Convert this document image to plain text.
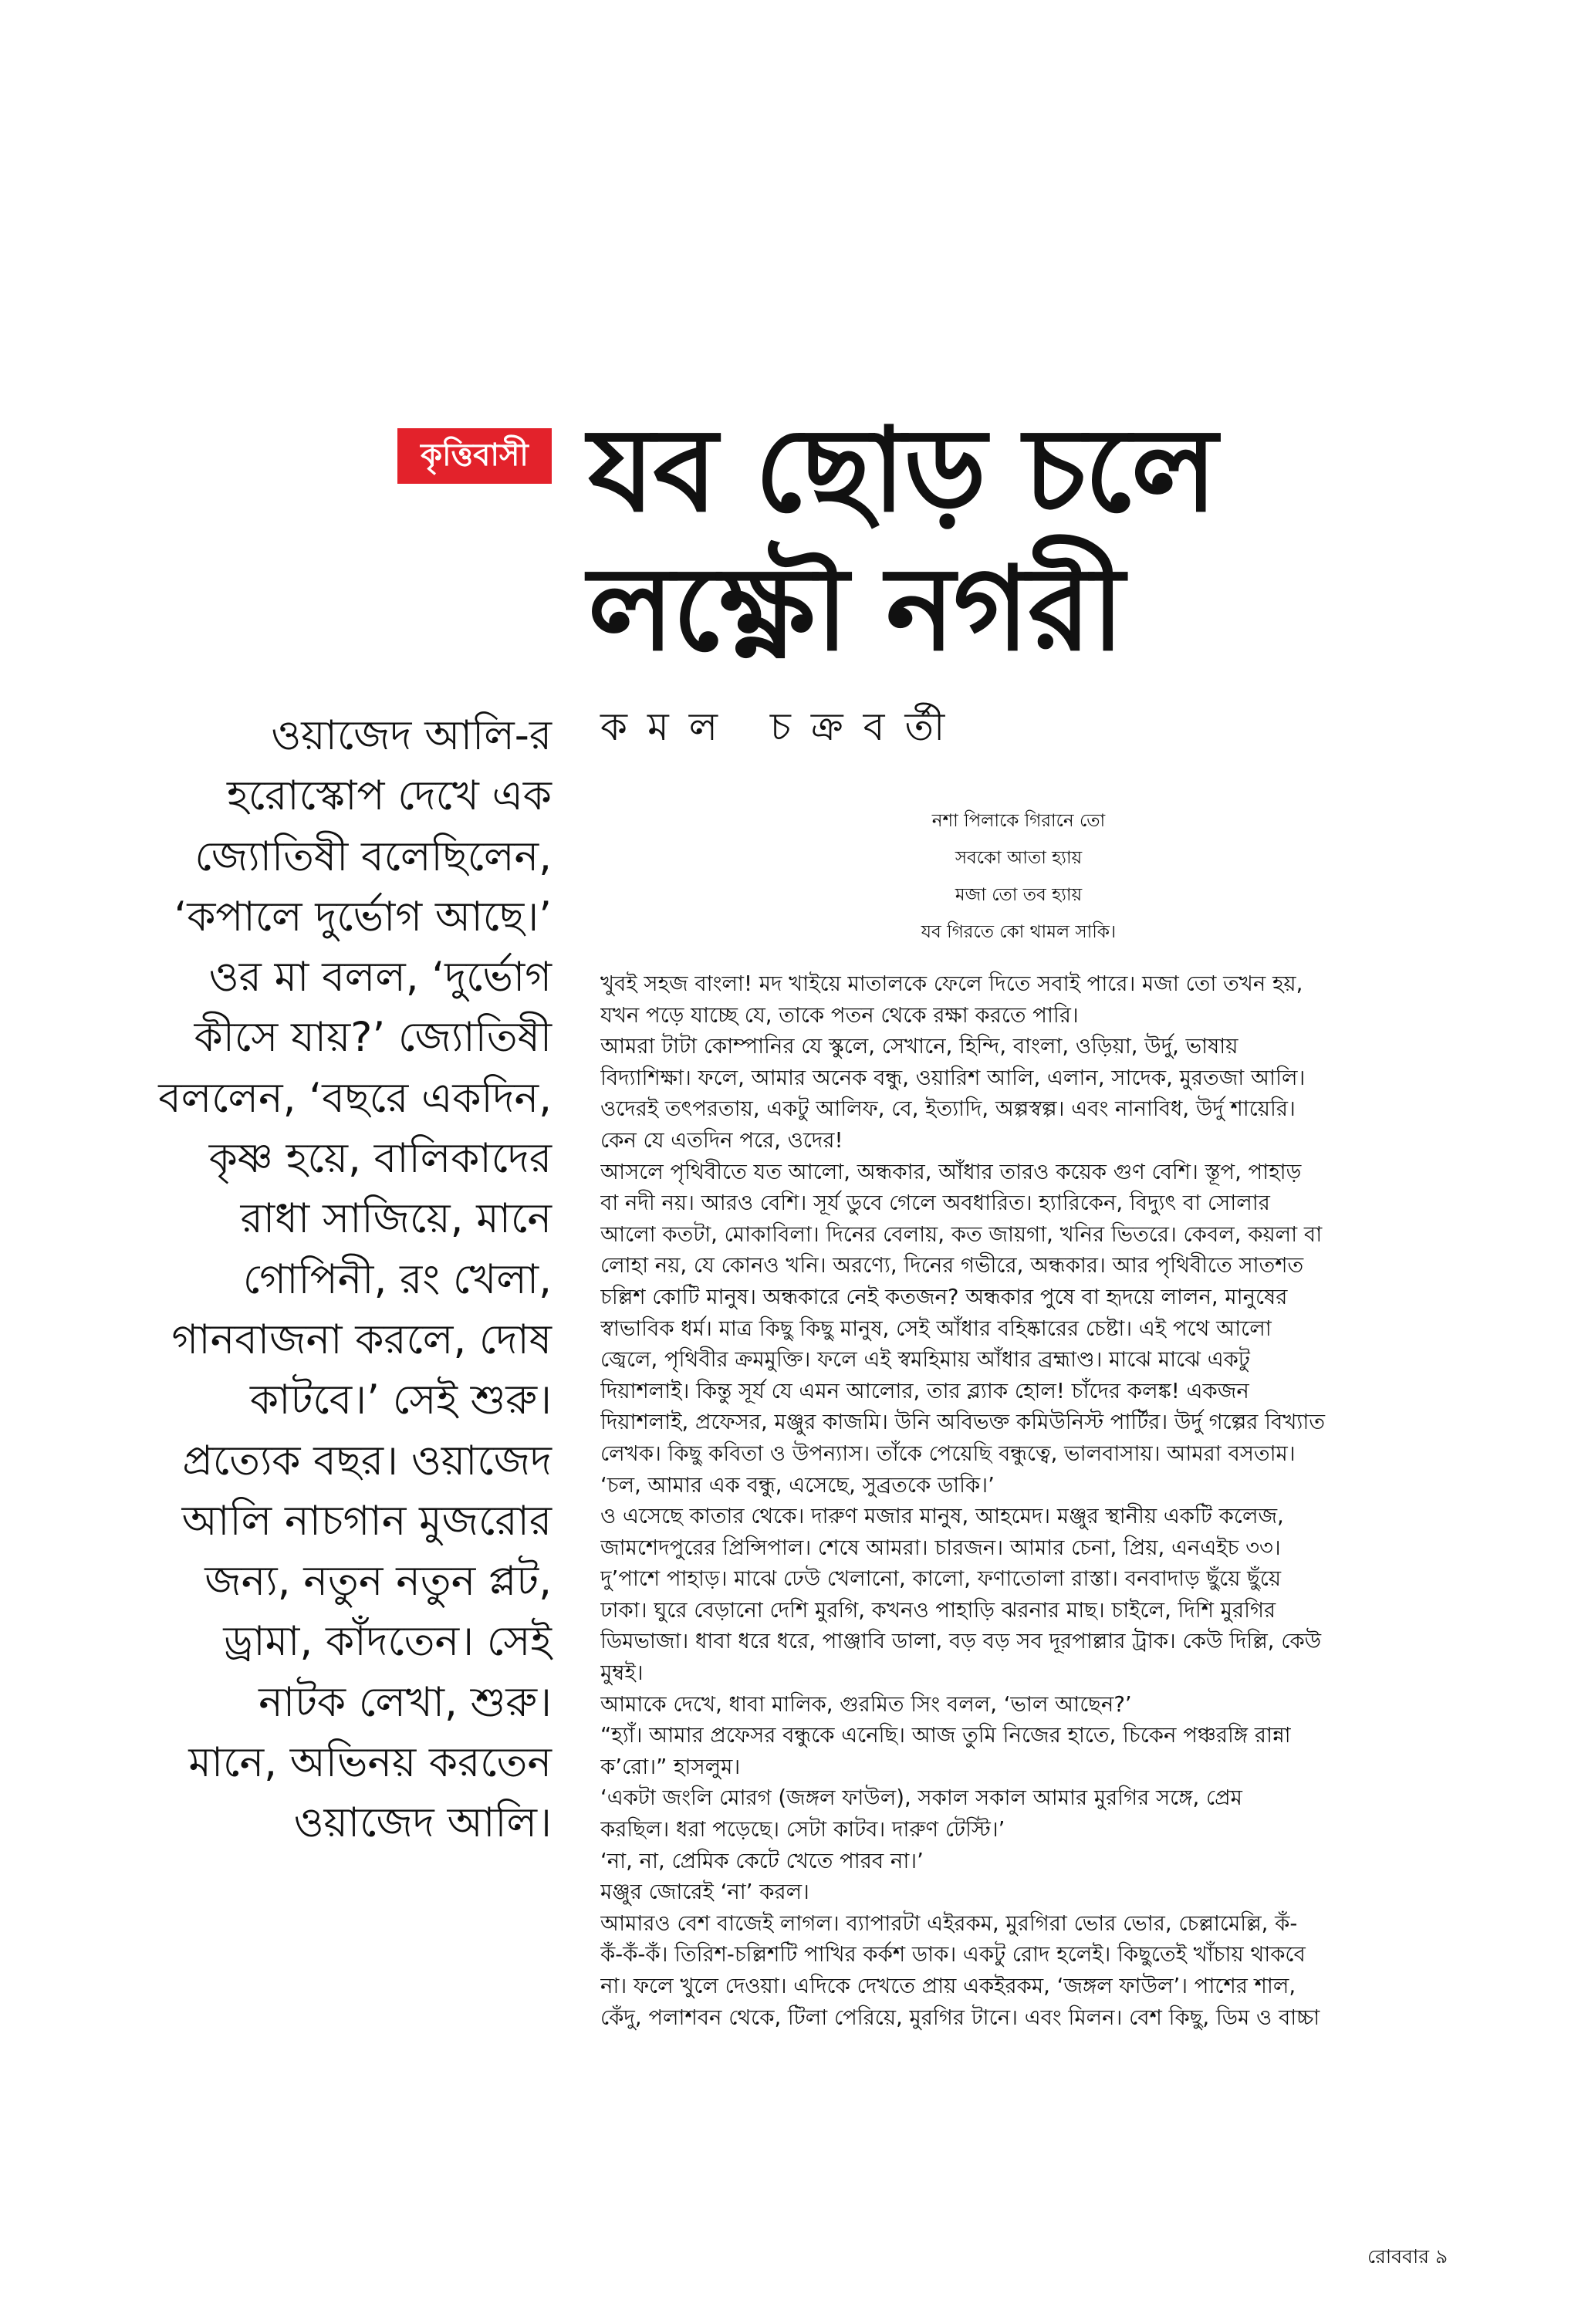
কৃত্তিবাসী যব ছোড় চলে
লক্ষ্ণৌ নগরী
কমল চক্রবর্তী
ওয়াজেদ আলি-র
হরোস্কোপ দেখে এক
জ্যোতিষী বলেছিলেন,
‘কপালে দুর্ভোগ আছে।’
ওর মা বলল, ‘দুর্ভোগ
কীসে যায়?’ জ্যোতিষী
বললেন, ‘বছরে একদিন,
কৃষ্ণ হয়ে, বালিকাদের
রাধা সাজিয়ে, মানে
গোপিনী, রং খেলা,
গানবাজনা করলে, দোষ
কাটবে।’ সেই শুরু।
প্রত্যেক বছর। ওয়াজেদ
আলি নাচগান মুজরোর
জন্য, নতুন নতুন প্লট,
ড্রামা, কাঁদতেন। সেই
নাটক লেখা, শুরু।
মানে, অভিনয় করতেন
ওয়াজেদ আলি।
নশা পিলাকে গিরানে তো
সবকো আতা হ্যায়
মজা তো তব হ্যায়
যব গিরতে কো থামল সাকি।
খুবই সহজ বাংলা! মদ খাইয়ে মাতালকে ফেলে দিতে সবাই পারে। মজা তো তখন হয়,
যখন পড়ে যাচ্ছে যে, তাকে পতন থেকে রক্ষা করতে পারি।
আমরা টাটা কোম্পানির যে স্কুলে, সেখানে, হিন্দি, বাংলা, ওড়িয়া, উর্দু, ভাষায়
বিদ্যাশিক্ষা। ফলে, আমার অনেক বন্ধু, ওয়ারিশ আলি, এলান, সাদেক, মুরতজা আলি।
ওদেরই তৎপরতায়, একটু আলিফ, বে, ইত্যাদি, অল্পস্বল্প। এবং নানাবিধ, উর্দু শায়েরি।
কেন যে এতদিন পরে, ওদের!
আসলে পৃথিবীতে যত আলো, অন্ধকার, আঁধার তারও কয়েক গুণ বেশি। স্তূপ, পাহাড়
বা নদী নয়। আরও বেশি। সূর্য ডুবে গেলে অবধারিত। হ্যারিকেন, বিদ্যুৎ বা সোলার
আলো কতটা, মোকাবিলা। দিনের বেলায়, কত জায়গা, খনির ভিতরে। কেবল, কয়লা বা
লোহা নয়, যে কোনও খনি। অরণ্যে, দিনের গভীরে, অন্ধকার। আর পৃথিবীতে সাতশত
চল্লিশ কোটি মানুষ। অন্ধকারে নেই কতজন? অন্ধকার পুষে বা হৃদয়ে লালন, মানুষের
স্বাভাবিক ধর্ম। মাত্র কিছু কিছু মানুষ, সেই আঁধার বহিষ্কারের চেষ্টা। এই পথে আলো
জ্বেলে, পৃথিবীর ক্রমমুক্তি। ফলে এই স্বমহিমায় আঁধার ব্রহ্মাণ্ড। মাঝে মাঝে একটু
দিয়াশলাই। কিন্তু সূর্য যে এমন আলোর, তার ব্ল্যাক হোল! চাঁদের কলঙ্ক! একজন
দিয়াশলাই, প্রফেসর, মঞ্জুর কাজমি। উনি অবিভক্ত কমিউনিস্ট পার্টির। উর্দু গল্পের বিখ্যাত
লেখক। কিছু কবিতা ও উপন্যাস। তাঁকে পেয়েছি বন্ধুত্বে, ভালবাসায়। আমরা বসতাম।
‘চল, আমার এক বন্ধু, এসেছে, সুব্রতকে ডাকি।’
ও এসেছে কাতার থেকে। দারুণ মজার মানুষ, আহমেদ। মঞ্জুর স্থানীয় একটি কলেজ,
জামশেদপুরের প্রিন্সিপাল। শেষে আমরা। চারজন। আমার চেনা, প্রিয়, এনএইচ ৩৩।
দু’পাশে পাহাড়। মাঝে ঢেউ খেলানো, কালো, ফণাতোলা রাস্তা। বনবাদাড় ছুঁয়ে ছুঁয়ে
ঢাকা। ঘুরে বেড়ানো দেশি মুরগি, কখনও পাহাড়ি ঝরনার মাছ। চাইলে, দিশি মুরগির
ডিমভাজা। ধাবা ধরে ধরে, পাঞ্জাবি ডালা, বড় বড় সব দূরপাল্লার ট্রাক। কেউ দিল্লি, কেউ
মুম্বই।
আমাকে দেখে, ধাবা মালিক, গুরমিত সিং বলল, ‘ভাল আছেন?’
“হ্যাঁ। আমার প্রফেসর বন্ধুকে এনেছি। আজ তুমি নিজের হাতে, চিকেন পঞ্চরঙ্গি রান্না
ক’রো।” হাসলুম।
‘একটা জংলি মোরগ (জঙ্গল ফাউল), সকাল সকাল আমার মুরগির সঙ্গে, প্রেম
করছিল। ধরা পড়েছে। সেটা কাটব। দারুণ টেস্টি।’
‘না, না, প্রেমিক কেটে খেতে পারব না।’
মঞ্জুর জোরেই ‘না’ করল।
আমারও বেশ বাজেই লাগল। ব্যাপারটা এইরকম, মুরগিরা ভোর ভোর, চেল্লামেল্লি, কঁ-
কঁ-কঁ-কঁ। তিরিশ-চল্লিশটি পাখির কর্কশ ডাক। একটু রোদ হলেই। কিছুতেই খাঁচায় থাকবে
না। ফলে খুলে দেওয়া। এদিকে দেখতে প্রায় একইরকম, ‘জঙ্গল ফাউল’। পাশের শাল,
কেঁদু, পলাশবন থেকে, টিলা পেরিয়ে, মুরগির টানে। এবং মিলন। বেশ কিছু, ডিম ও বাচ্চা
রোববার ৯
